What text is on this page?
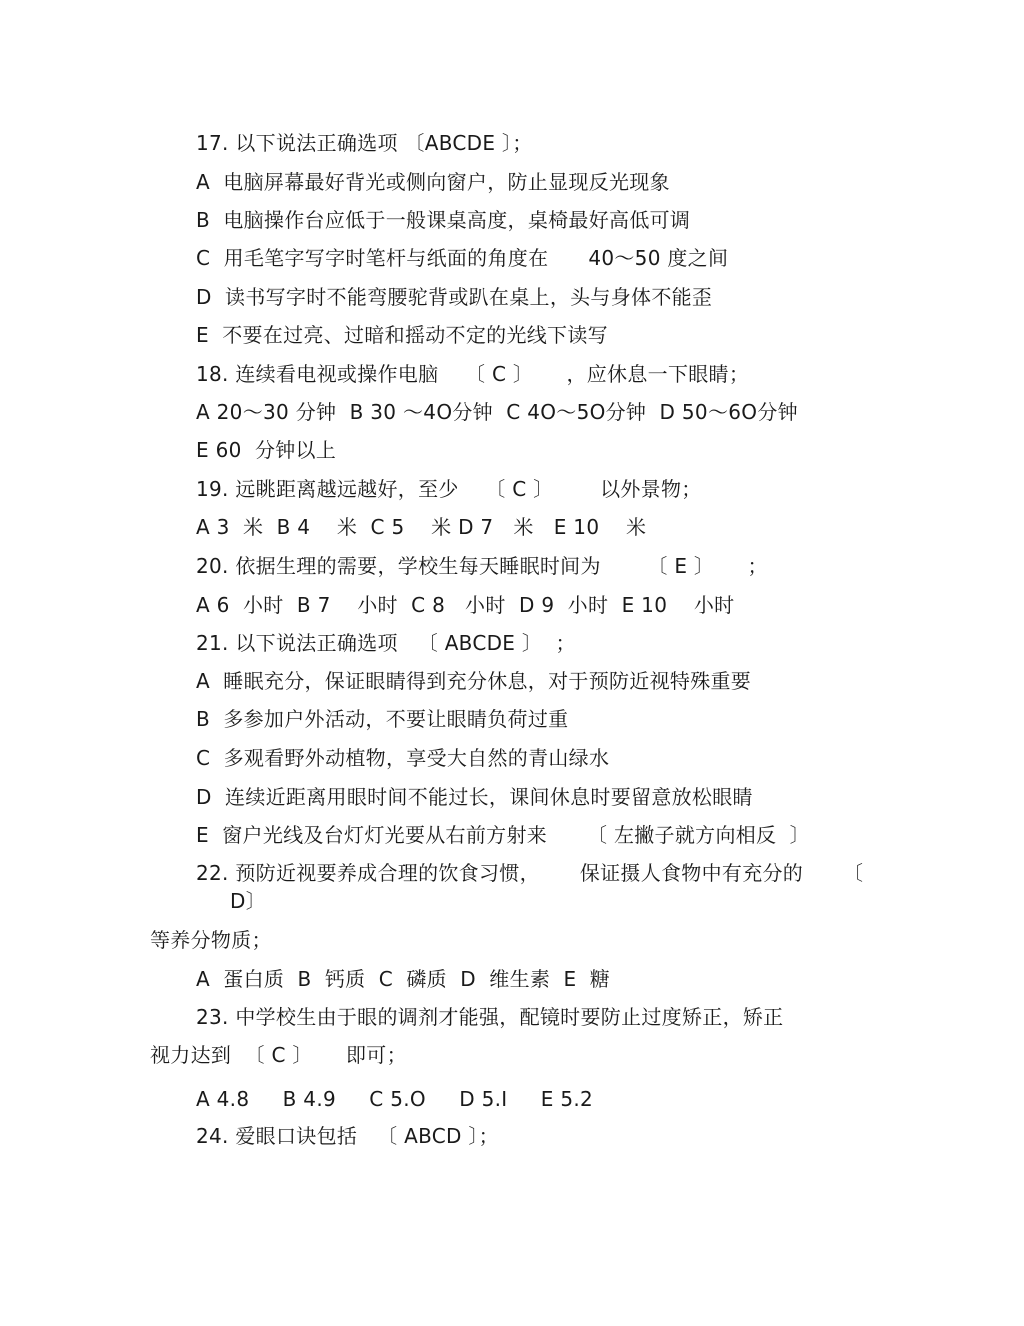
17. 以下说法正确选项 〔ABCDE 〕；
A  电脑屏幕最好背光或侧向窗户，防止显现反光现象
B  电脑操作台应低于一般课桌高度，桌椅最好高低可调
C  用毛笔字写字时笔杆与纸面的角度在      40～50 度之间
D  读书写字时不能弯腰驼背或趴在桌上，头与身体不能歪
E  不要在过亮、过暗和摇动不定的光线下读写
18. 连续看电视或操作电脑    〔 C 〕     ，应休息一下眼睛；
A 20～30 分钟  B 30 ～4O分钟  C 4O～5O分钟  D 50～6O分钟
E 60  分钟以上
19. 远眺距离越远越好，至少    〔 C 〕       以外景物；
A 3  米  B 4    米  C 5    米 D 7   米   E 10    米
20. 依据生理的需要，学校生每天睡眠时间为       〔 E 〕     ；
A 6  小时  B 7    小时  C 8   小时  D 9  小时  E 10    小时
21. 以下说法正确选项   〔 ABCDE 〕  ；
A  睡眠充分，保证眼睛得到充分休息，对于预防近视特殊重要
B  多参加户外活动，不要让眼睛负荷过重
C  多观看野外动植物，享受大自然的青山绿水
D  连续近距离用眼时间不能过长，课间休息时要留意放松眼睛
E  窗户光线及台灯灯光要从右前方射来      〔 左撇子就方向相反  〕
22. 预防近视要养成合理的饮食习惯，      保证摄人食物中有充分的      〔
D〕
等养分物质；
A  蛋白质  B  钙质  C  磷质  D  维生素  E  糖
23. 中学校生由于眼的调剂才能强，配镜时要防止过度矫正，矫正
视力达到  〔 C 〕     即可；
A 4.8     B 4.9     C 5.O     D 5.I     E 5.2
24. 爱眼口诀包括   〔 ABCD 〕；
